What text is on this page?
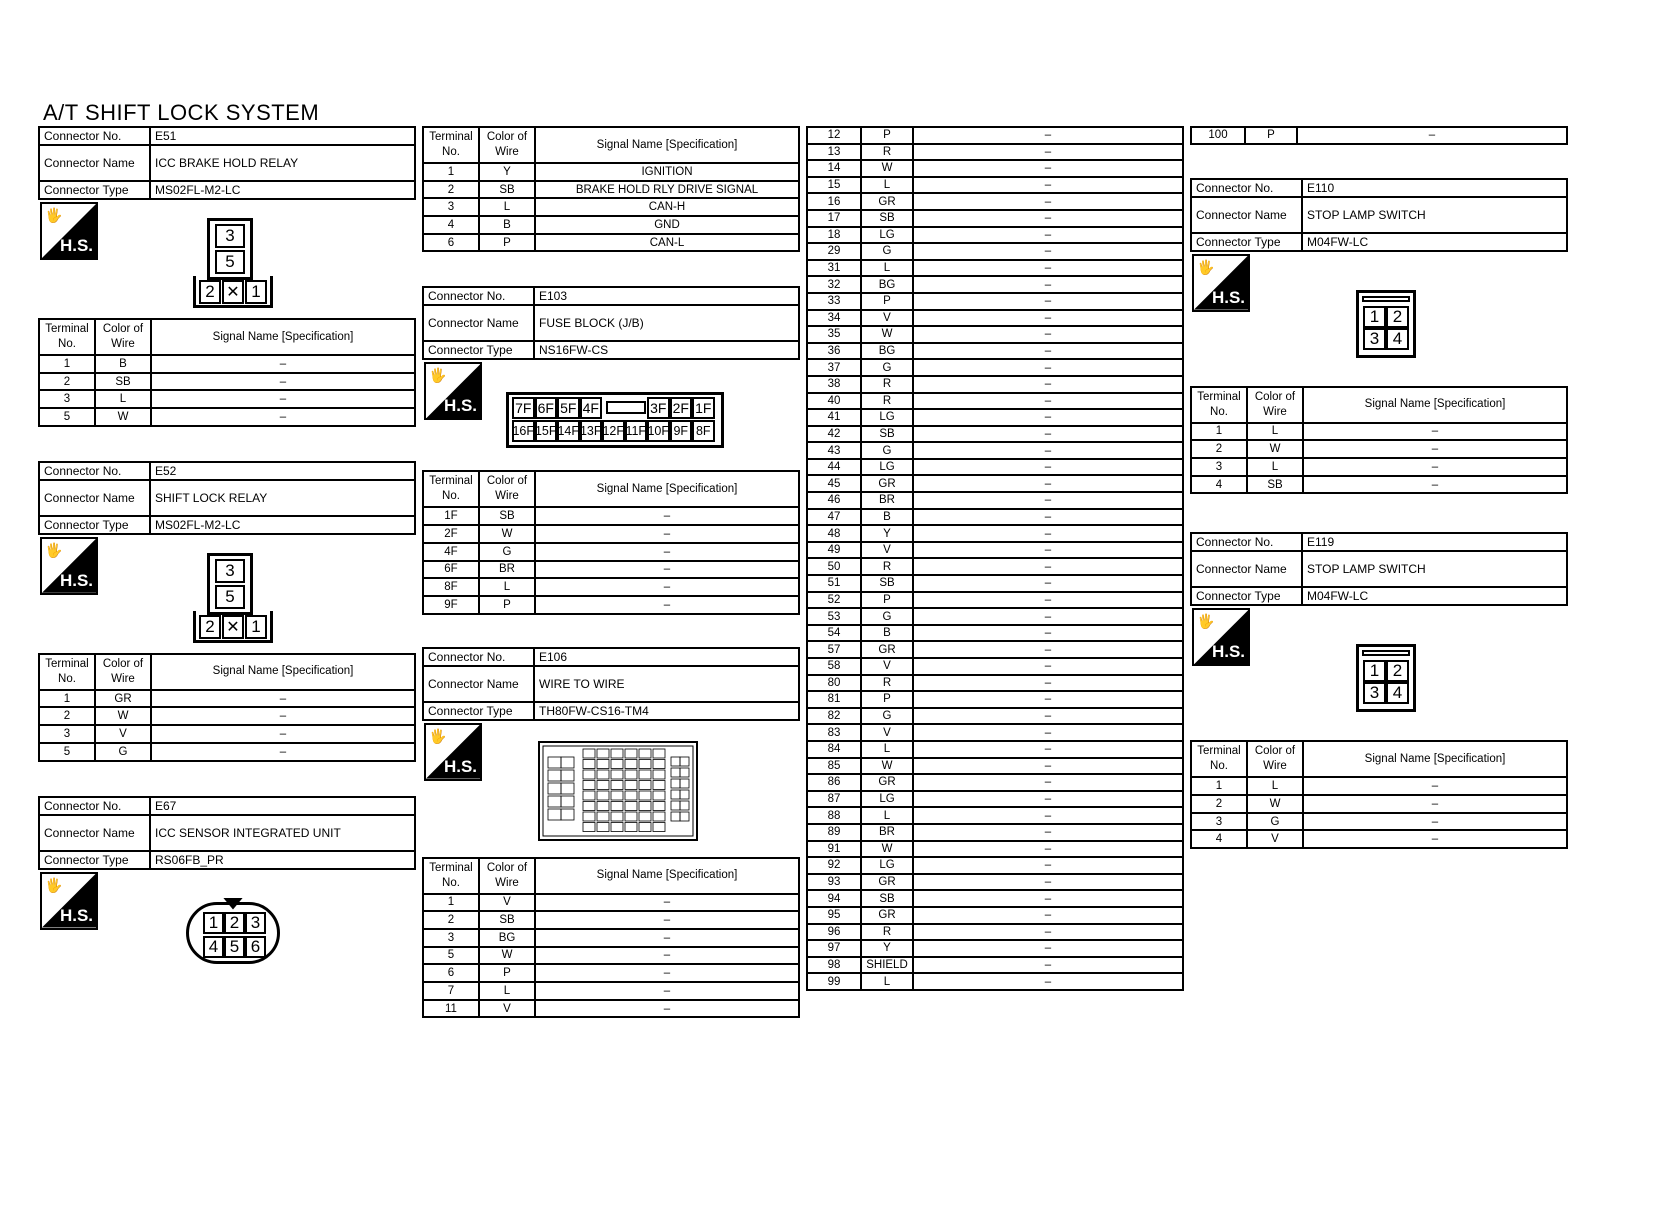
A/T SHIFT LOCK SYSTEM
Connector No.	E51
Connector Name	ICC BRAKE HOLD RELAY
Connector Type	MS02FL-M2-LC
🖐
H.S.
3
5
2	1
✕
Terminal No.	Color of Wire	Signal Name [Specification]
1	B	–
2	SB	–
3	L	–
5	W	–
Connector No.	E52
Connector Name	SHIFT LOCK RELAY
Connector Type	MS02FL-M2-LC
🖐
H.S.
3
5
2	1
✕
Terminal No.	Color of Wire	Signal Name [Specification]
1	GR	–
2	W	–
3	V	–
5	G	–
Connector No.	E67
Connector Name	ICC SENSOR INTEGRATED UNIT
Connector Type	RS06FB_PR
🖐
H.S.	1 2 3
4 5 6
Terminal No.	Color of Wire	Signal Name [Specification]
1	Y	IGNITION
2	SB	BRAKE HOLD RLY DRIVE SIGNAL
3	L	CAN-H
4	B	GND
6	P	CAN-L
Connector No.	E103
Connector Name	FUSE BLOCK (J/B)
Connector Type	NS16FW-CS
🖐
H.S.	7F 6F 5F 4F	3F 2F 1F
16F 15F 14F 13F 12F 11F 10F 9F 8F
Terminal No.	Color of Wire	Signal Name [Specification]
1F	SB	–
2F	W	–
4F	G	–
6F	BR	–
8F	L	–
9F	P	–
Connector No.	E106
Connector Name	WIRE TO WIRE
Connector Type	TH80FW-CS16-TM4
🖐
H.S.
Terminal No.	Color of Wire	Signal Name [Specification]
1	V	–
2	SB	–
3	BG	–
5	W	–
6	P	–
7	L	–
11	V	–
12	P	–
13	R	–
14	W	–
15	L	–
16	GR	–
17	SB	–
18	LG	–
29	G	–
31	L	–
32	BG	–
33	P	–
34	V	–
35	W	–
36	BG	–
37	G	–
38	R	–
40	R	–
41	LG	–
42	SB	–
43	G	–
44	LG	–
45	GR	–
46	BR	–
47	B	–
48	Y	–
49	V	–
50	R	–
51	SB	–
52	P	–
53	G	–
54	B	–
57	GR	–
58	V	–
80	R	–
81	P	–
82	G	–
83	V	–
84	L	–
85	W	–
86	GR	–
87	LG	–
88	L	–
89	BR	–
91	W	–
92	LG	–
93	GR	–
94	SB	–
95	GR	–
96	R	–
97	Y	–
98	SHIELD	–
99	L	–
100	P	–
Connector No.	E110
Connector Name	STOP LAMP SWITCH
Connector Type	M04FW-LC
🖐
H.S.
1 2
3 4
Terminal No.	Color of Wire	Signal Name [Specification]
1	L	–
2	W	–
3	L	–
4	SB	–
Connector No.	E119
Connector Name	STOP LAMP SWITCH
Connector Type	M04FW-LC
🖐
H.S.
1 2
3 4
Terminal No.	Color of Wire	Signal Name [Specification]
1	L	–
2	W	–
3	G	–
4	V	–
